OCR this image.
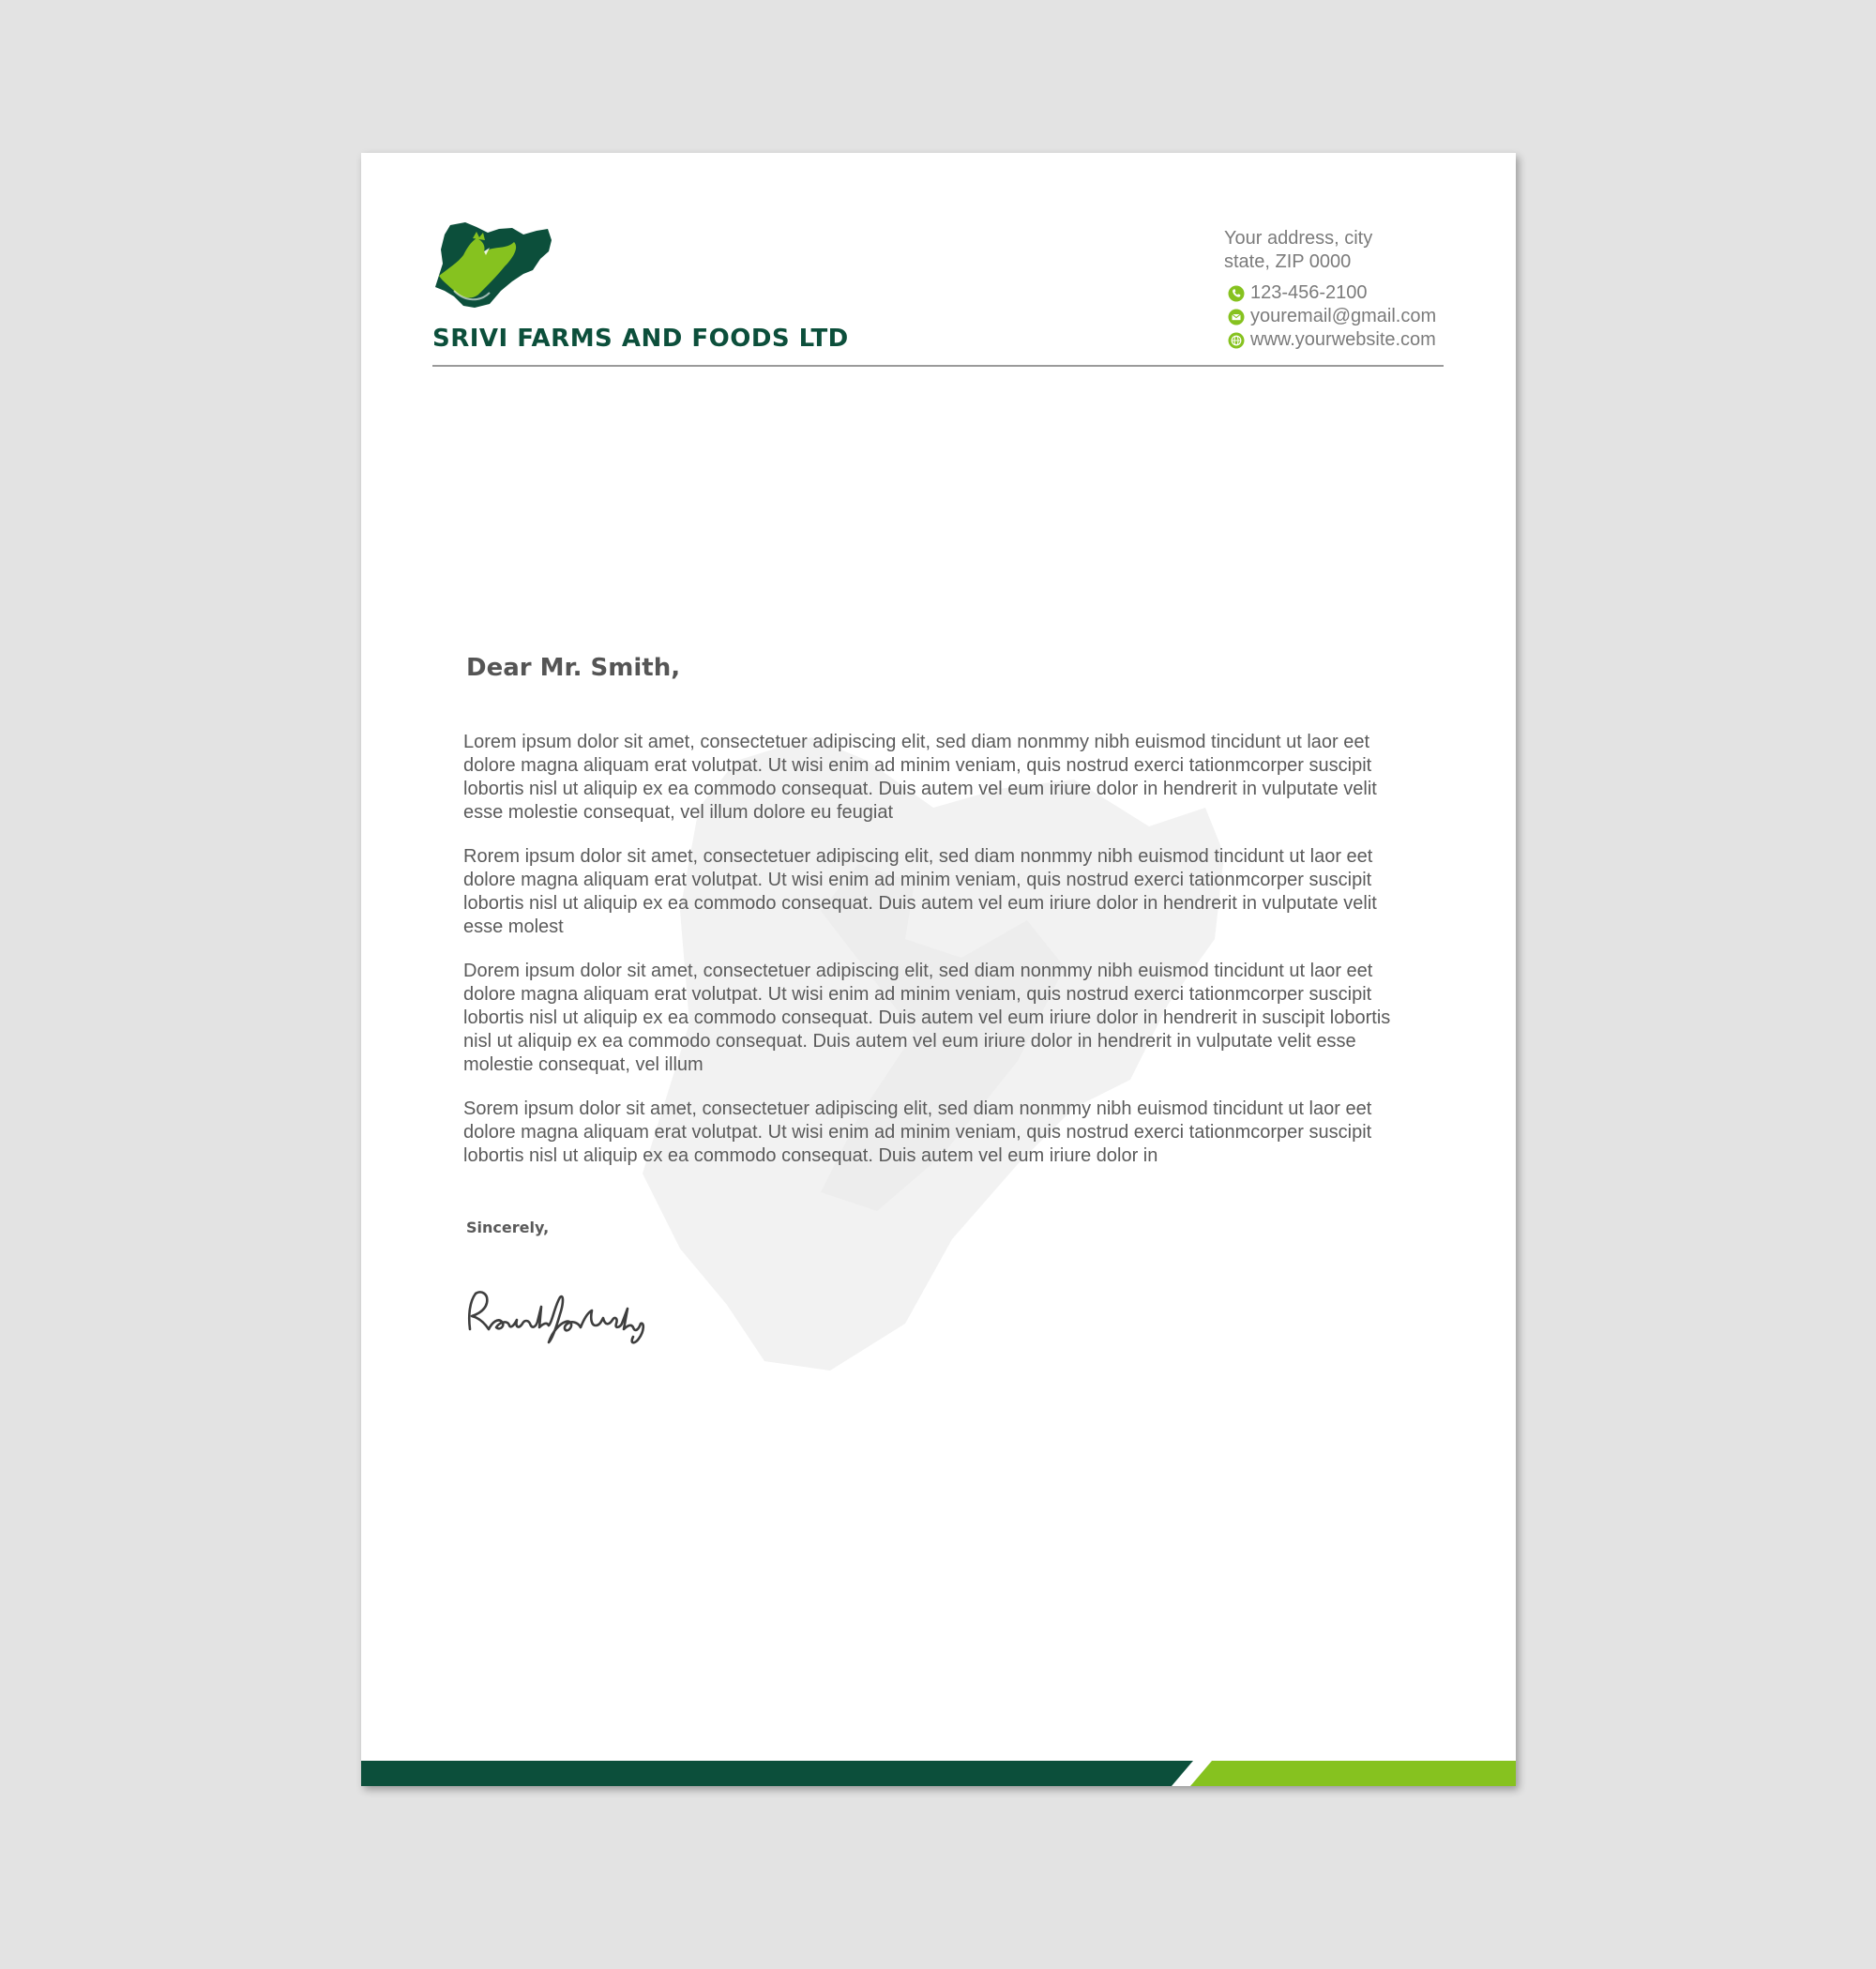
SRIVI FARMS AND FOODS LTD
Your address, city
state, ZIP 0000
123-456-2100
youremail@gmail.com
www.yourwebsite.com
Dear Mr. Smith,

Lorem ipsum dolor sit amet, consectetuer adipiscing elit, sed diam nonmmy nibh euismod tincidunt ut laor eet dolore magna aliquam erat volutpat. Ut wisi enim ad minim veniam, quis nostrud exerci tationmcorper suscipit lobortis nisl ut aliquip ex ea commodo consequat. Duis autem vel eum iriure dolor in hendrerit in vulputate velit esse molestie consequat, vel illum dolore eu feugiat

Rorem ipsum dolor sit amet, consectetuer adipiscing elit, sed diam nonmmy nibh euismod tincidunt ut laor eet dolore magna aliquam erat volutpat. Ut wisi enim ad minim veniam, quis nostrud exerci tationmcorper suscipit lobortis nisl ut aliquip ex ea commodo consequat. Duis autem vel eum iriure dolor in hendrerit in vulputate velit esse molest

Dorem ipsum dolor sit amet, consectetuer adipiscing elit, sed diam nonmmy nibh euismod tincidunt ut laor eet dolore magna aliquam erat volutpat. Ut wisi enim ad minim veniam, quis nostrud exerci tationmcorper suscipit lobortis nisl ut aliquip ex ea commodo consequat. Duis autem vel eum iriure dolor in hendrerit in suscipit lobortis nisl ut aliquip ex ea commodo consequat. Duis autem vel eum iriure dolor in hendrerit in vulputate velit esse molestie consequat, vel illum

Sorem ipsum dolor sit amet, consectetuer adipiscing elit, sed diam nonmmy nibh euismod tincidunt ut laor eet dolore magna aliquam erat volutpat. Ut wisi enim ad minim veniam, quis nostrud exerci tationmcorper suscipit lobortis nisl ut aliquip ex ea commodo consequat. Duis autem vel eum iriure dolor in

Sincerely,
